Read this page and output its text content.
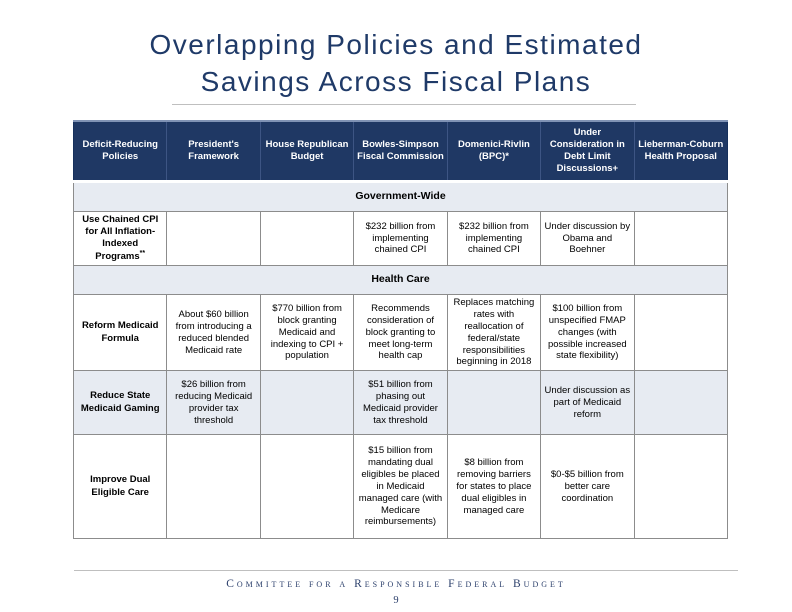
Overlapping Policies and Estimated
Savings Across Fiscal Plans
Deficit-Reducing Policies	President's Framework	House Republican Budget	Bowles-Simpson Fiscal Commission	Domenici-Rivlin (BPC)*	Under Consideration in Debt Limit Discussions+	Lieberman-Coburn Health Proposal
Government-Wide						
Use Chained CPI for All Inflation-Indexed Programs**			$232 billion from implementing chained CPI	$232 billion from implementing chained CPI	Under discussion by Obama and Boehner	
Health Care						
Reform Medicaid Formula	About $60 billion from introducing a reduced blended Medicaid rate	$770 billion from block granting Medicaid and indexing to CPI + population	Recommends consideration of block granting to meet long-term health cap	Replaces matching rates with reallocation of federal/state responsibilities beginning in 2018	$100 billion from unspecified FMAP changes (with possible increased state flexibility)	
Reduce State Medicaid Gaming	$26 billion from reducing Medicaid provider tax threshold		$51 billion from phasing out Medicaid provider tax threshold		Under discussion as part of Medicaid reform	
Improve Dual Eligible Care			$15 billion from mandating dual eligibles be placed in Medicaid managed care (with Medicare reimbursements)	$8 billion from removing barriers for states to place dual eligibles in managed care	$0-$5 billion from better care coordination	
Committee for a Responsible Federal Budget
9
